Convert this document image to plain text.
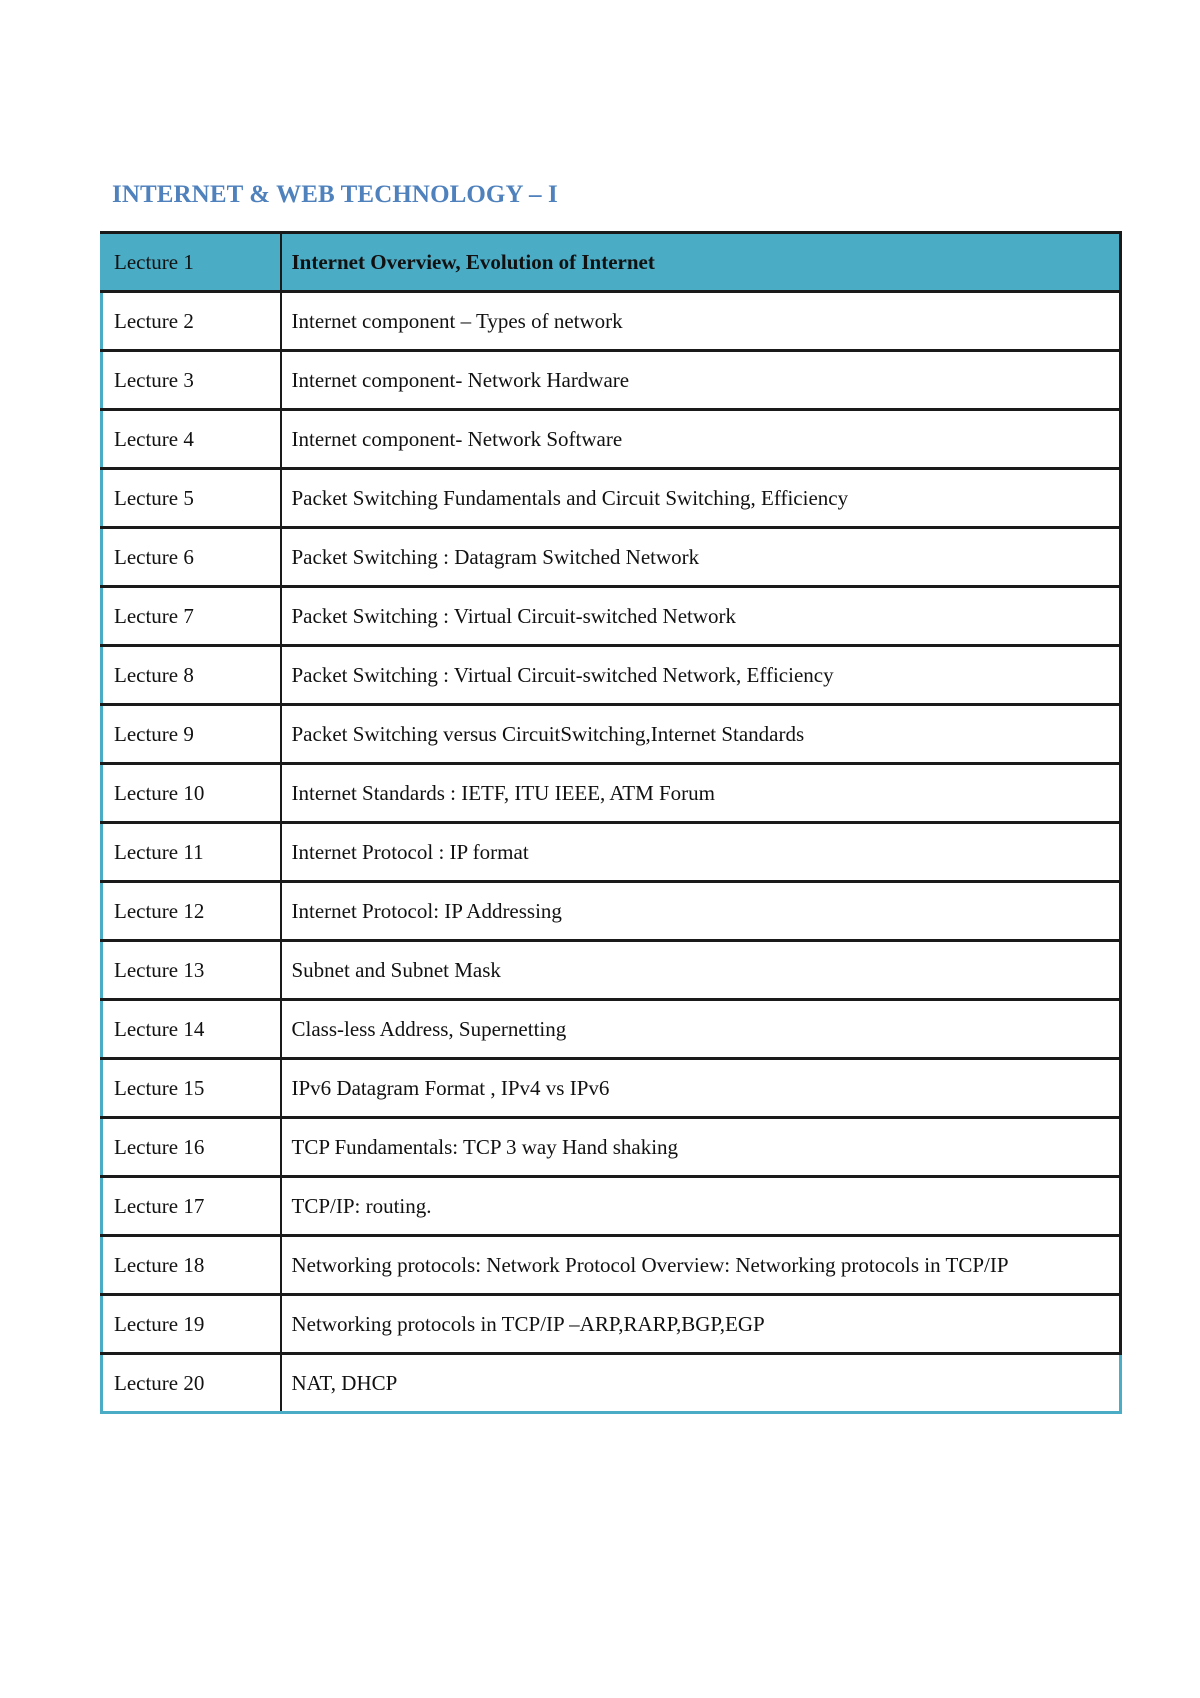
INTERNET & WEB TECHNOLOGY – I
Lecture 1	Internet Overview, Evolution of Internet
Lecture 2	Internet component – Types of network
Lecture 3	Internet component- Network Hardware
Lecture 4	Internet component- Network Software
Lecture 5	Packet Switching Fundamentals and Circuit Switching, Efficiency
Lecture 6	Packet Switching : Datagram Switched Network
Lecture 7	Packet Switching : Virtual Circuit-switched Network
Lecture 8	Packet Switching : Virtual Circuit-switched Network, Efficiency
Lecture 9	Packet Switching versus CircuitSwitching,Internet Standards
Lecture 10	Internet Standards : IETF, ITU IEEE, ATM Forum
Lecture 11	Internet Protocol : IP format
Lecture 12	Internet Protocol: IP Addressing
Lecture 13	Subnet and Subnet Mask
Lecture 14	Class-less Address, Supernetting
Lecture 15	IPv6 Datagram Format , IPv4 vs IPv6
Lecture 16	TCP Fundamentals: TCP 3 way Hand shaking
Lecture 17	TCP/IP: routing.
Lecture 18	Networking protocols: Network Protocol Overview: Networking protocols in TCP/IP
Lecture 19	Networking protocols in TCP/IP –ARP,RARP,BGP,EGP
Lecture 20	NAT, DHCP
